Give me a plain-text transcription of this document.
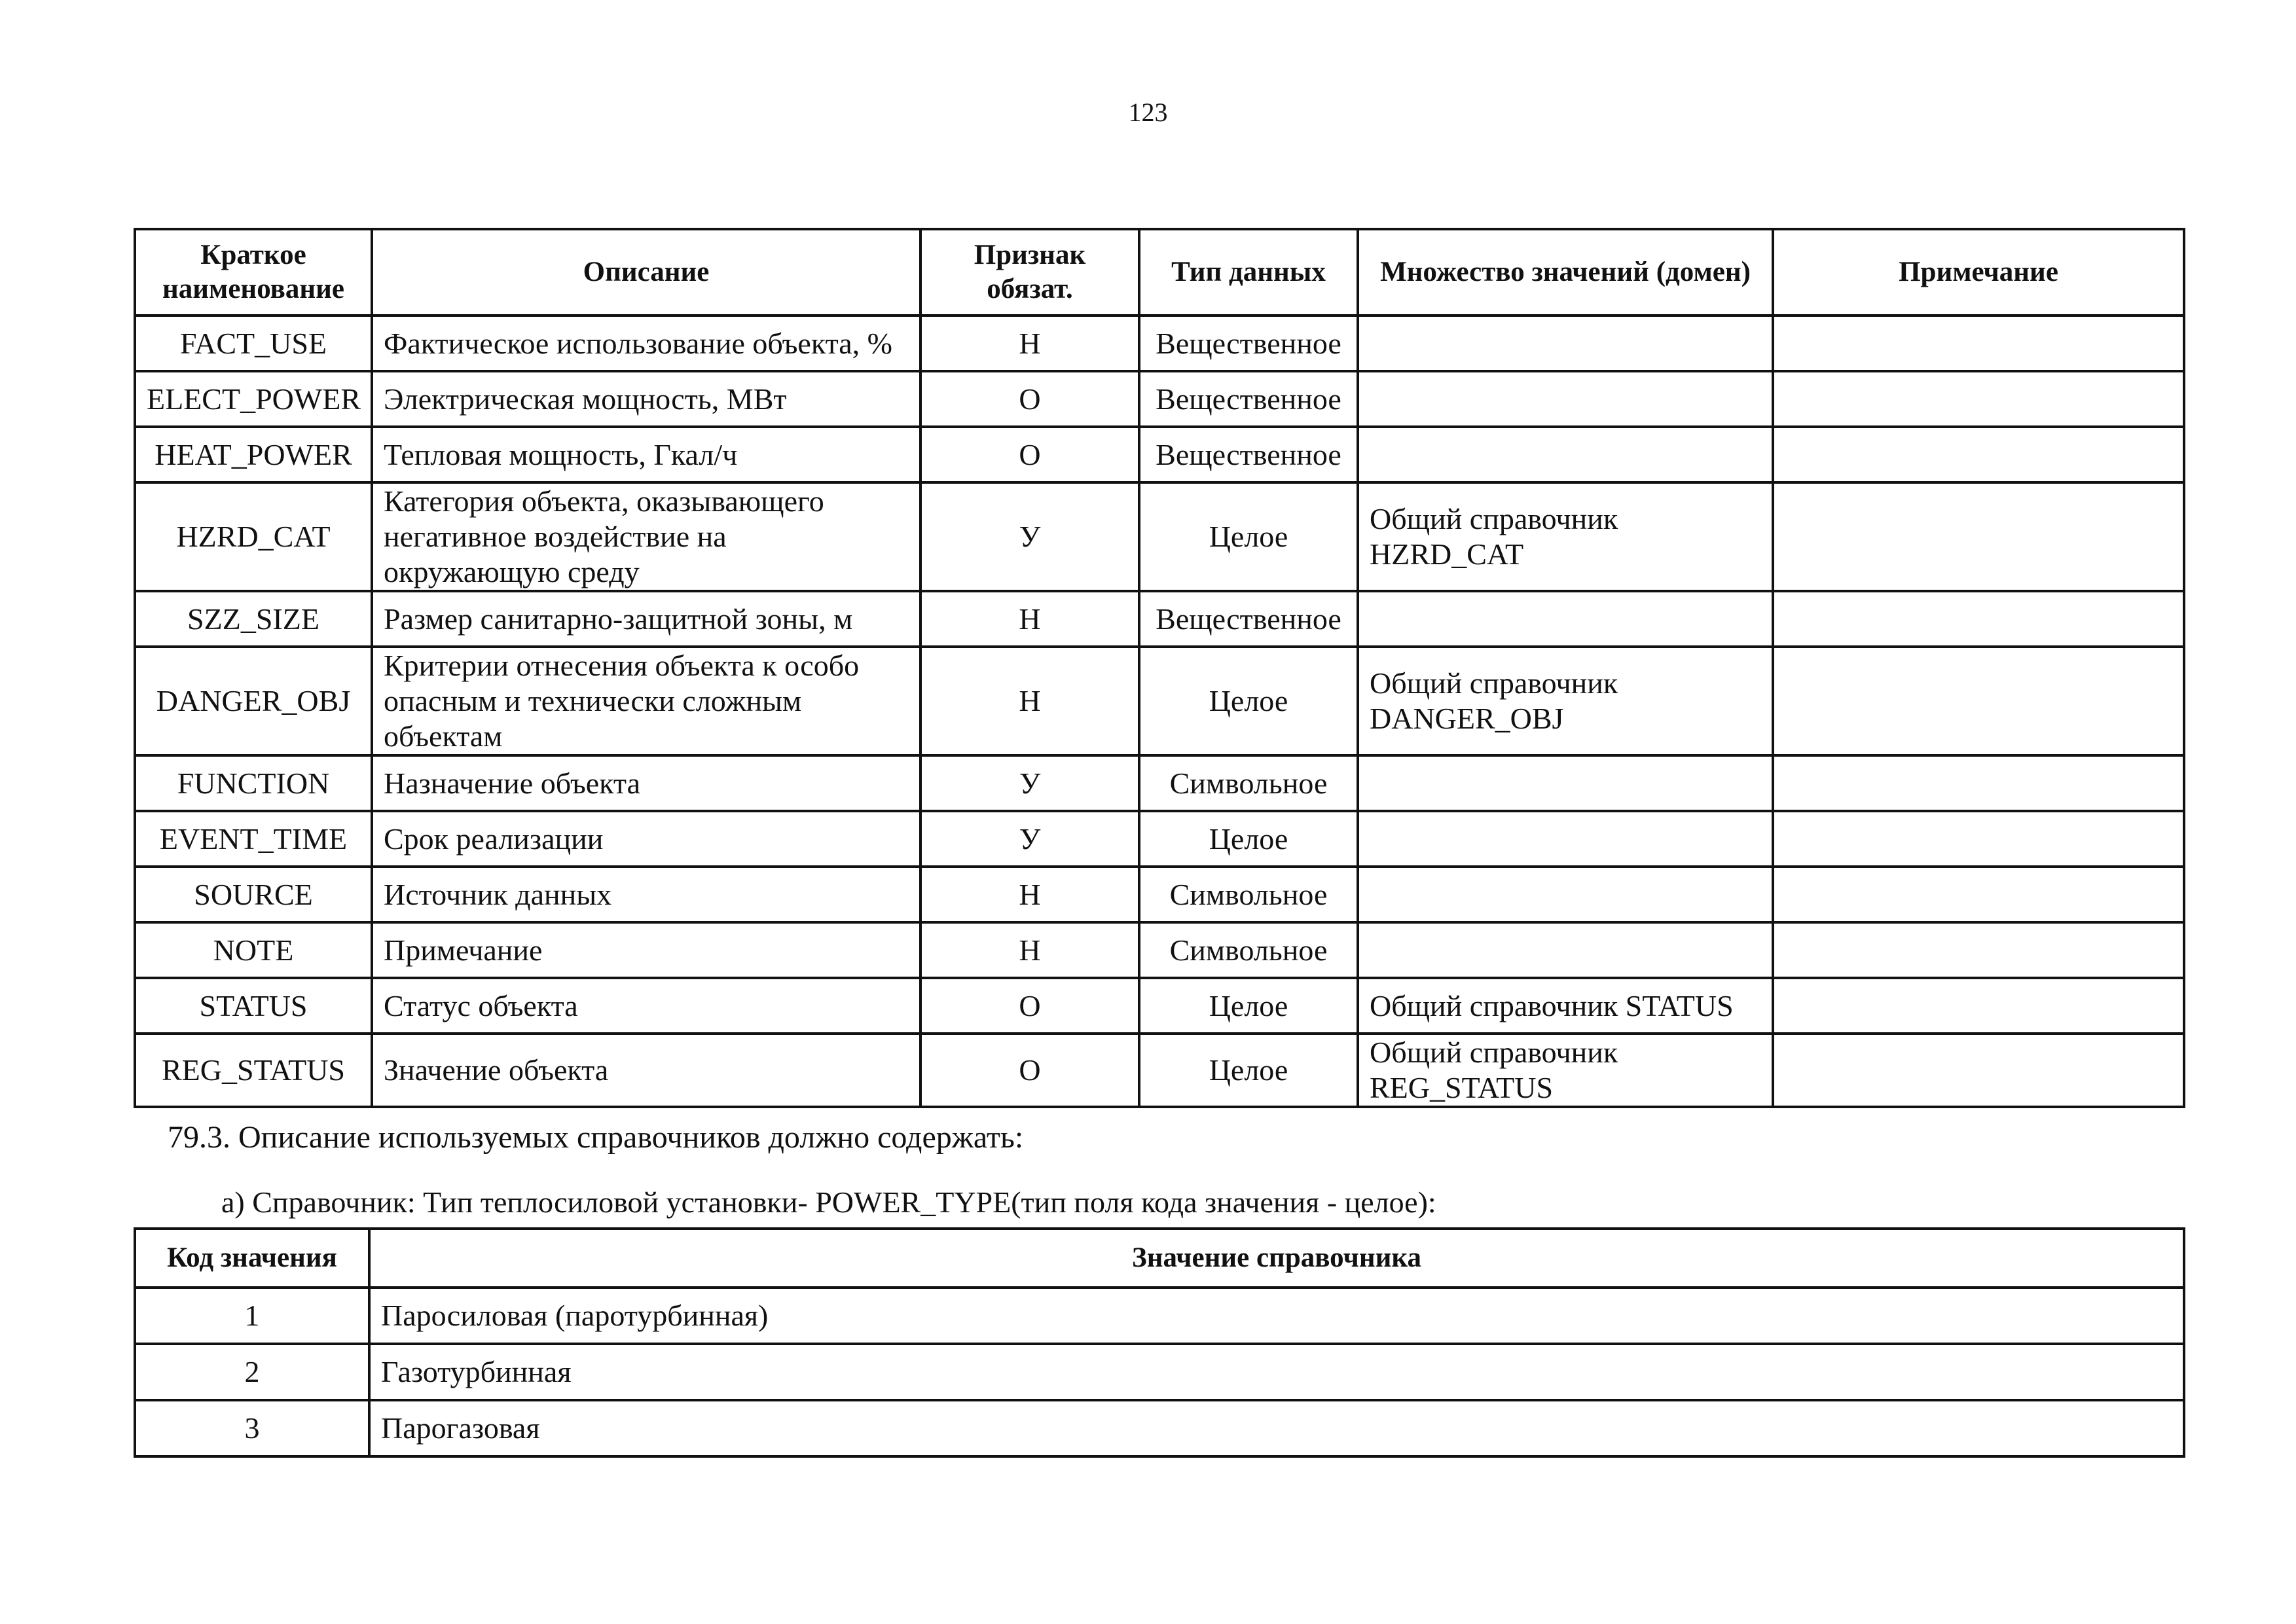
123
Краткое наименование	Описание	Признак обязат.	Тип данных	Множество значений (домен)	Примечание
FACT_USE	Фактическое использование объекта, %	Н	Вещественное		
ELECT_POWER	Электрическая мощность, МВт	О	Вещественное		
HEAT_POWER	Тепловая мощность, Гкал/ч	О	Вещественное		
HZRD_CAT	Категория объекта, оказывающего негативное воздействие на окружающую среду	У	Целое	Общий справочник HZRD_CAT	
SZZ_SIZE	Размер санитарно-защитной зоны, м	Н	Вещественное		
DANGER_OBJ	Критерии отнесения объекта к особо опасным и технически сложным объектам	Н	Целое	Общий справочник DANGER_OBJ	
FUNCTION	Назначение объекта	У	Символьное		
EVENT_TIME	Срок реализации	У	Целое		
SOURCE	Источник данных	Н	Символьное		
NOTE	Примечание	Н	Символьное		
STATUS	Статус объекта	О	Целое	Общий справочник STATUS	
REG_STATUS	Значение объекта	О	Целое	Общий справочник REG_STATUS	
79.3. Описание используемых справочников должно содержать:
а) Справочник: Тип теплосиловой установки- POWER_TYPE(тип поля кода значения - целое):
Код значения	Значение справочника
1	Паросиловая (паротурбинная)
2	Газотурбинная
3	Парогазовая
